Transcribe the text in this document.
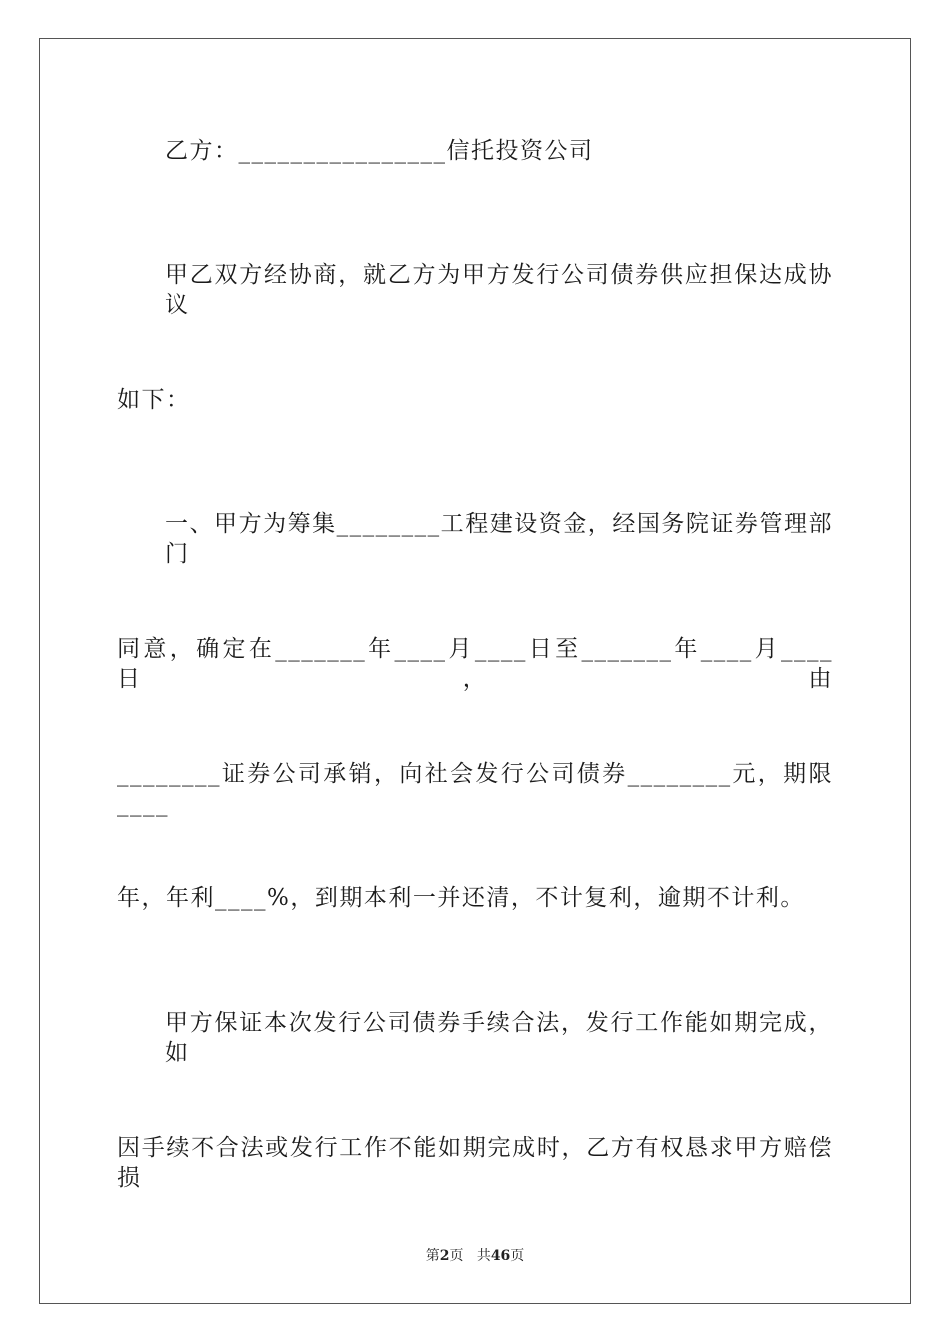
乙方：________________信托投资公司
甲乙双方经协商，就乙方为甲方发行公司债券供应担保达成协议
如下：
一、甲方为筹集________工程建设资金，经国务院证券管理部门
同意，确定在_______年____月____日至_______年____月____日，由
________证券公司承销，向社会发行公司债券________元，期限____
年，年利____%，到期本利一并还清，不计复利，逾期不计利。
甲方保证本次发行公司债券手续合法，发行工作能如期完成，如
因手续不合法或发行工作不能如期完成时，乙方有权恳求甲方赔偿损
第2页 共46页
